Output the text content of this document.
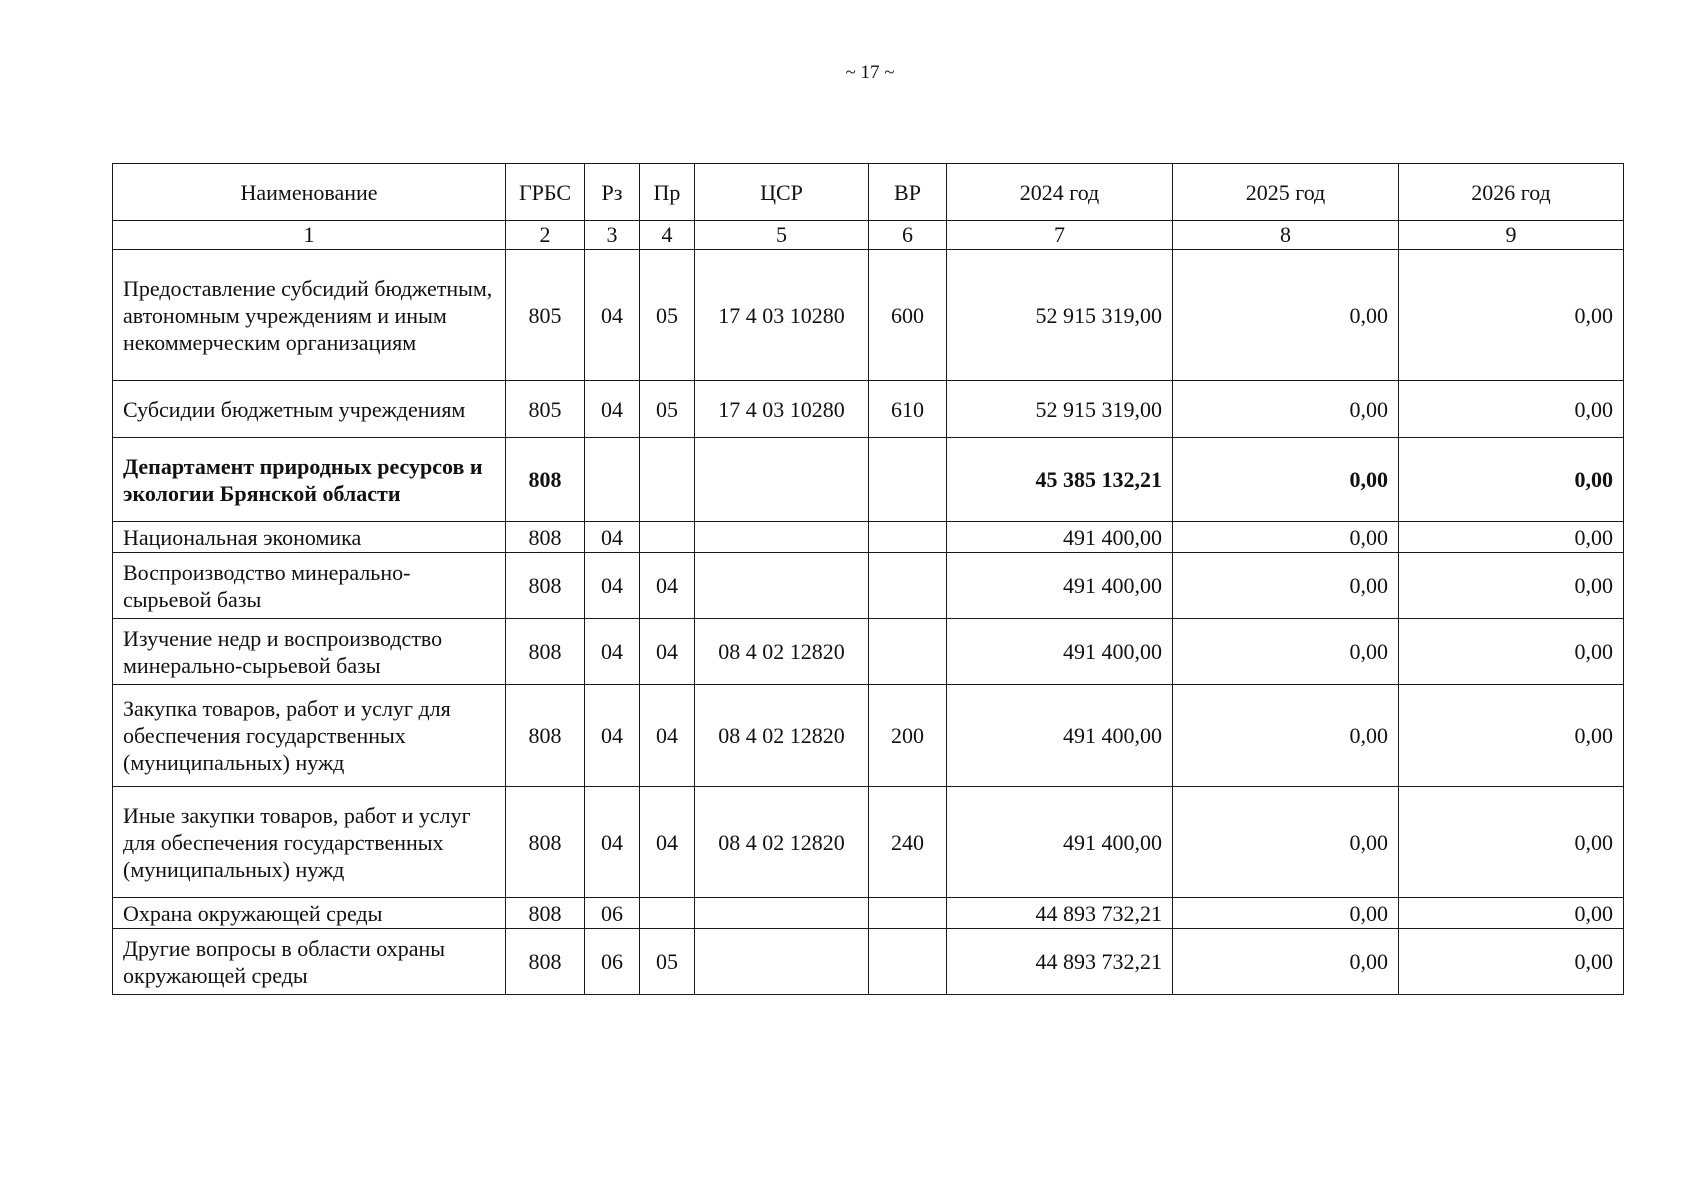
~ 17 ~
Наименование	ГРБС	Рз	Пр	ЦСР	ВР	2024 год	2025 год	2026 год
1	2	3	4	5	6	7	8	9
Предоставление субсидий бюджетным, автономным учреждениям и иным некоммерческим организациям	805	04	05	17 4 03 10280	600	52 915 319,00	0,00	0,00
Субсидии бюджетным учреждениям	805	04	05	17 4 03 10280	610	52 915 319,00	0,00	0,00
Департамент природных ресурсов и экологии Брянской области	808					45 385 132,21	0,00	0,00
Национальная экономика	808	04				491 400,00	0,00	0,00
Воспроизводство минерально-сырьевой базы	808	04	04			491 400,00	0,00	0,00
Изучение недр и воспроизводство минерально-сырьевой базы	808	04	04	08 4 02 12820		491 400,00	0,00	0,00
Закупка товаров, работ и услуг для обеспечения государственных (муниципальных) нужд	808	04	04	08 4 02 12820	200	491 400,00	0,00	0,00
Иные закупки товаров, работ и услуг для обеспечения государственных (муниципальных) нужд	808	04	04	08 4 02 12820	240	491 400,00	0,00	0,00
Охрана окружающей среды	808	06				44 893 732,21	0,00	0,00
Другие вопросы в области охраны окружающей среды	808	06	05			44 893 732,21	0,00	0,00
